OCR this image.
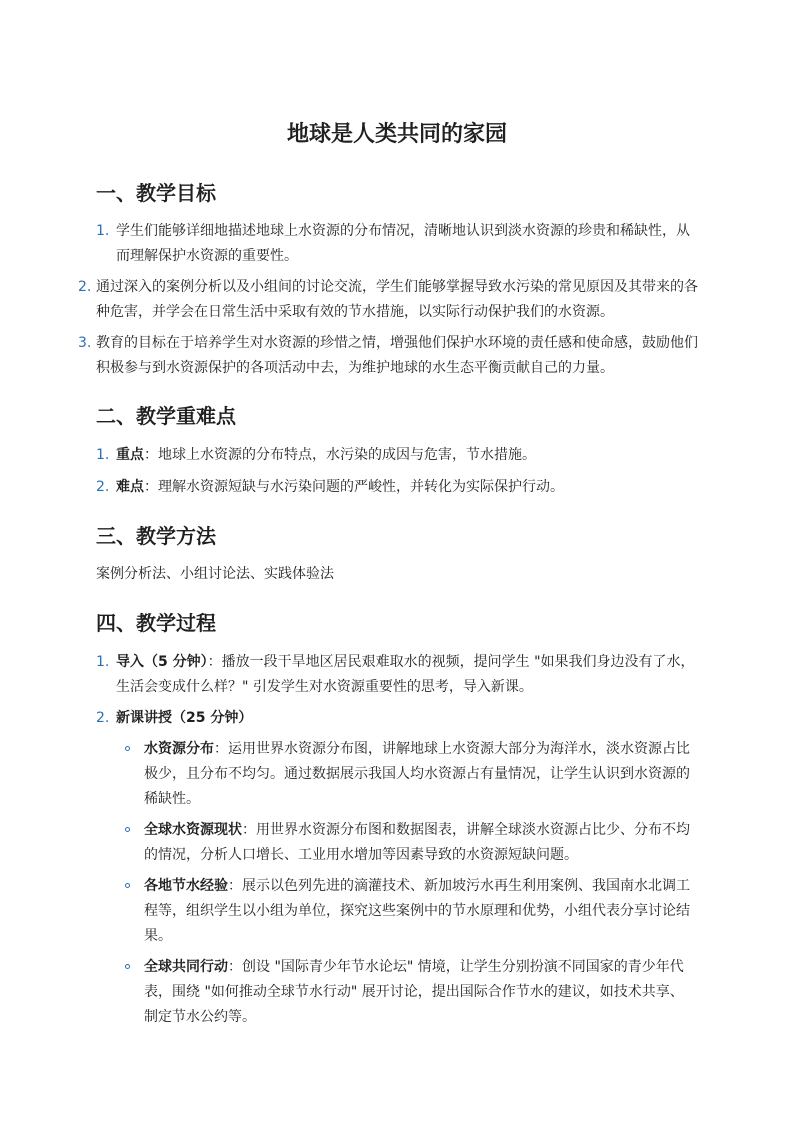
地球是人类共同的家园
一、教学目标
1. 学生们能够详细地描述地球上水资源的分布情况，清晰地认识到淡水资源的珍贵和稀缺性，从而理解保护水资源的重要性。

2. 通过深入的案例分析以及小组间的讨论交流，学生们能够掌握导致水污染的常见原因及其带来的各种危害，并学会在日常生活中采取有效的节水措施，以实际行动保护我们的水资源。

3. 教育的目标在于培养学生对水资源的珍惜之情，增强他们保护水环境的责任感和使命感，鼓励他们积极参与到水资源保护的各项活动中去，为维护地球的水生态平衡贡献自己的力量。

二、教学重难点
1. 重点：地球上水资源的分布特点，水污染的成因与危害，节水措施。

2. 难点：理解水资源短缺与水污染问题的严峻性，并转化为实际保护行动。

三、教学方法

案例分析法、小组讨论法、实践体验法

四、教学过程
1. 导入（5 分钟）：播放一段干旱地区居民艰难取水的视频，提问学生 "如果我们身边没有了水，生活会变成什么样？" 引发学生对水资源重要性的思考，导入新课。

2. 新课讲授（25 分钟）

水资源分布：运用世界水资源分布图，讲解地球上水资源大部分为海洋水，淡水资源占比极少，且分布不均匀。通过数据展示我国人均水资源占有量情况，让学生认识到水资源的稀缺性。

全球水资源现状：用世界水资源分布图和数据图表，讲解全球淡水资源占比少、分布不均的情况，分析人口增长、工业用水增加等因素导致的水资源短缺问题。

各地节水经验：展示以色列先进的滴灌技术、新加坡污水再生利用案例、我国南水北调工程等，组织学生以小组为单位，探究这些案例中的节水原理和优势，小组代表分享讨论结果。

全球共同行动：创设 "国际青少年节水论坛" 情境，让学生分别扮演不同国家的青少年代表，围绕 "如何推动全球节水行动" 展开讨论，提出国际合作节水的建议，如技术共享、制定节水公约等。
